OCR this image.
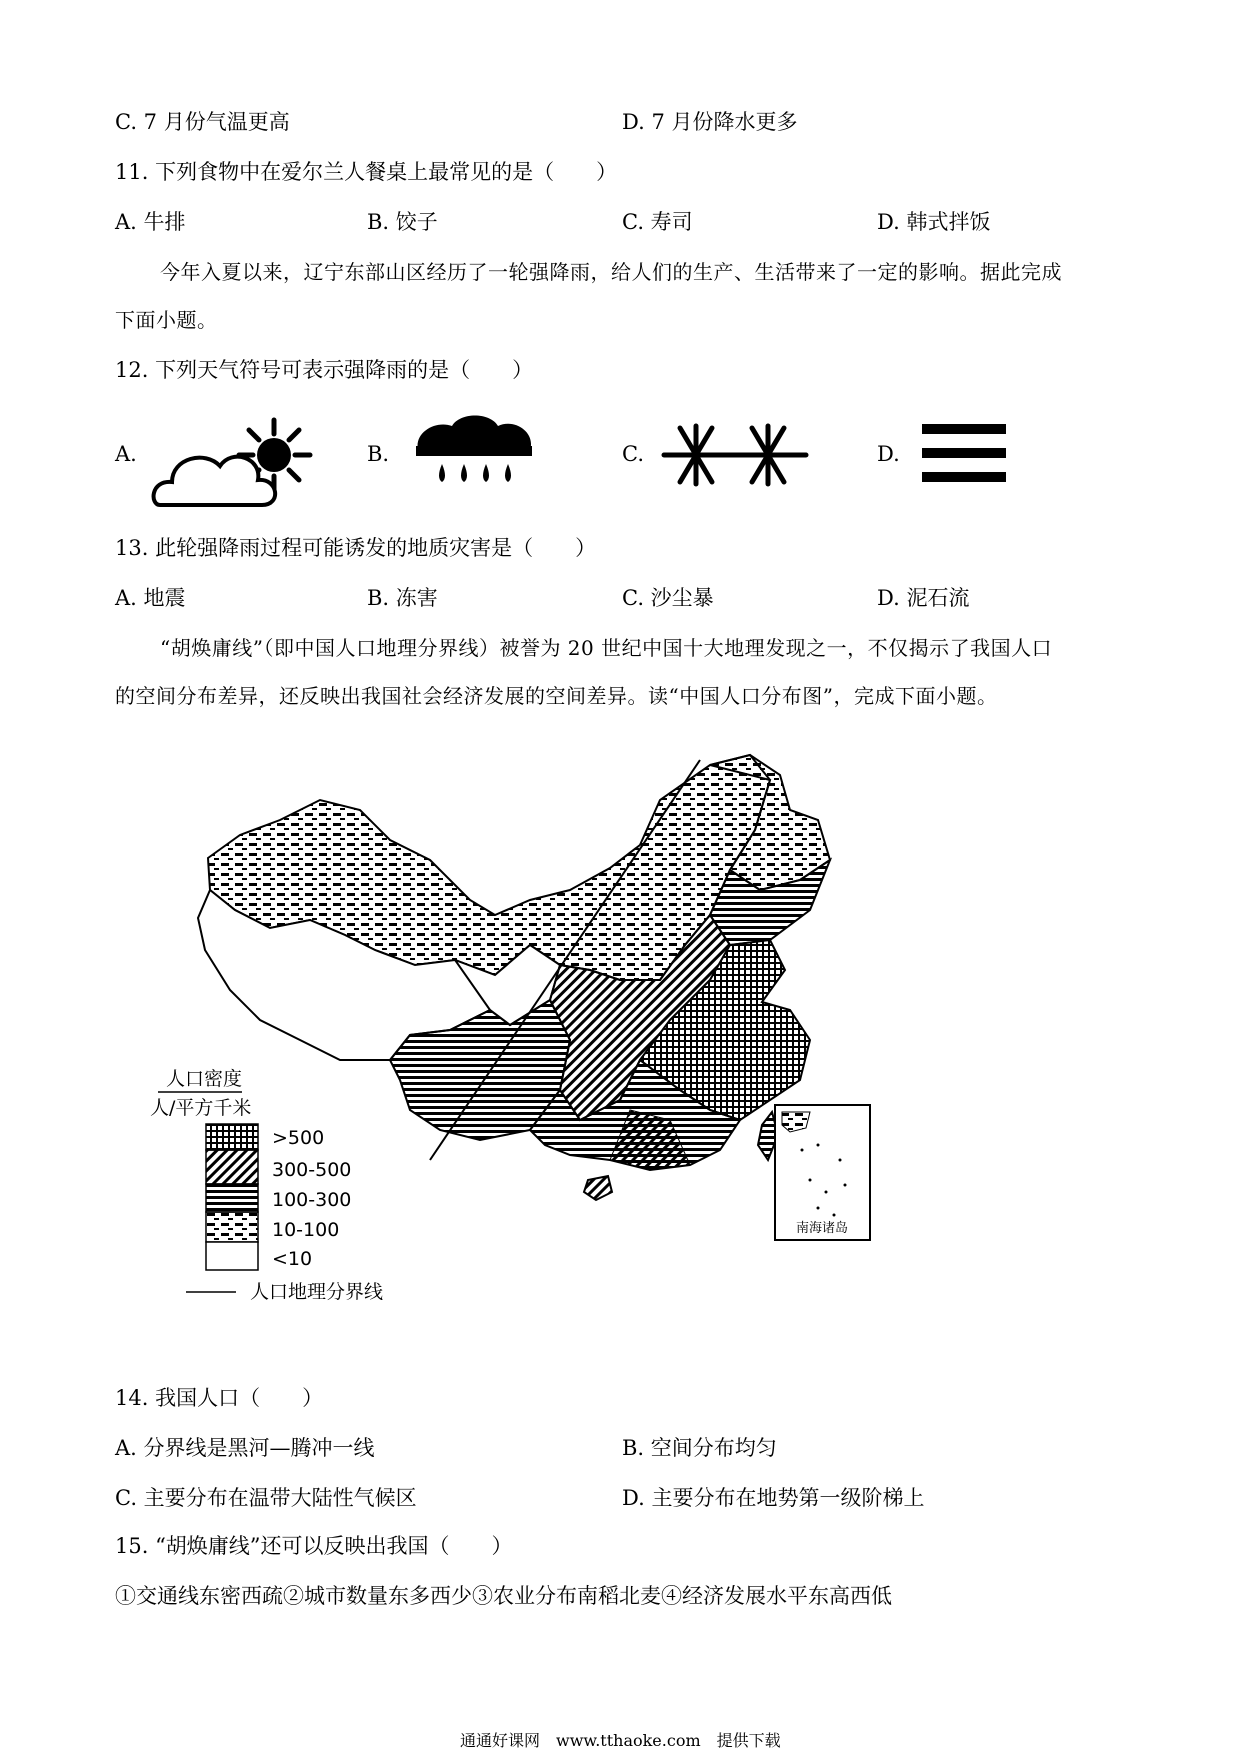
C. 7 月份气温更高	D. 7 月份降水更多
11. 下列食物中在爱尔兰人餐桌上最常见的是（　　）
A. 牛排	B. 饺子	C. 寿司	D. 韩式拌饭
今年入夏以来，辽宁东部山区经历了一轮强降雨，给人们的生产、生活带来了一定的影响。据此完成
下面小题。
12. 下列天气符号可表示强降雨的是（　　）
A.	B.	C.	D.
13. 此轮强降雨过程可能诱发的地质灾害是（　　）
A. 地震	B. 冻害	C. 沙尘暴	D. 泥石流
“胡焕庸线”（即中国人口地理分界线）被誉为 20 世纪中国十大地理发现之一，不仅揭示了我国人口
的空间分布差异，还反映出我国社会经济发展的空间差异。读“中国人口分布图”，完成下面小题。
南海诸岛
人口密度
人/平方千米
>500
300-500
100-300
10-100
<10
人口地理分界线
14. 我国人口（　　）
A. 分界线是黑河—腾冲一线	B. 空间分布均匀
C. 主要分布在温带大陆性气候区	D. 主要分布在地势第一级阶梯上
15. “胡焕庸线”还可以反映出我国（　　）
①交通线东密西疏②城市数量东多西少③农业分布南稻北麦④经济发展水平东高西低
通通好课网　www.tthaoke.com　提供下载
